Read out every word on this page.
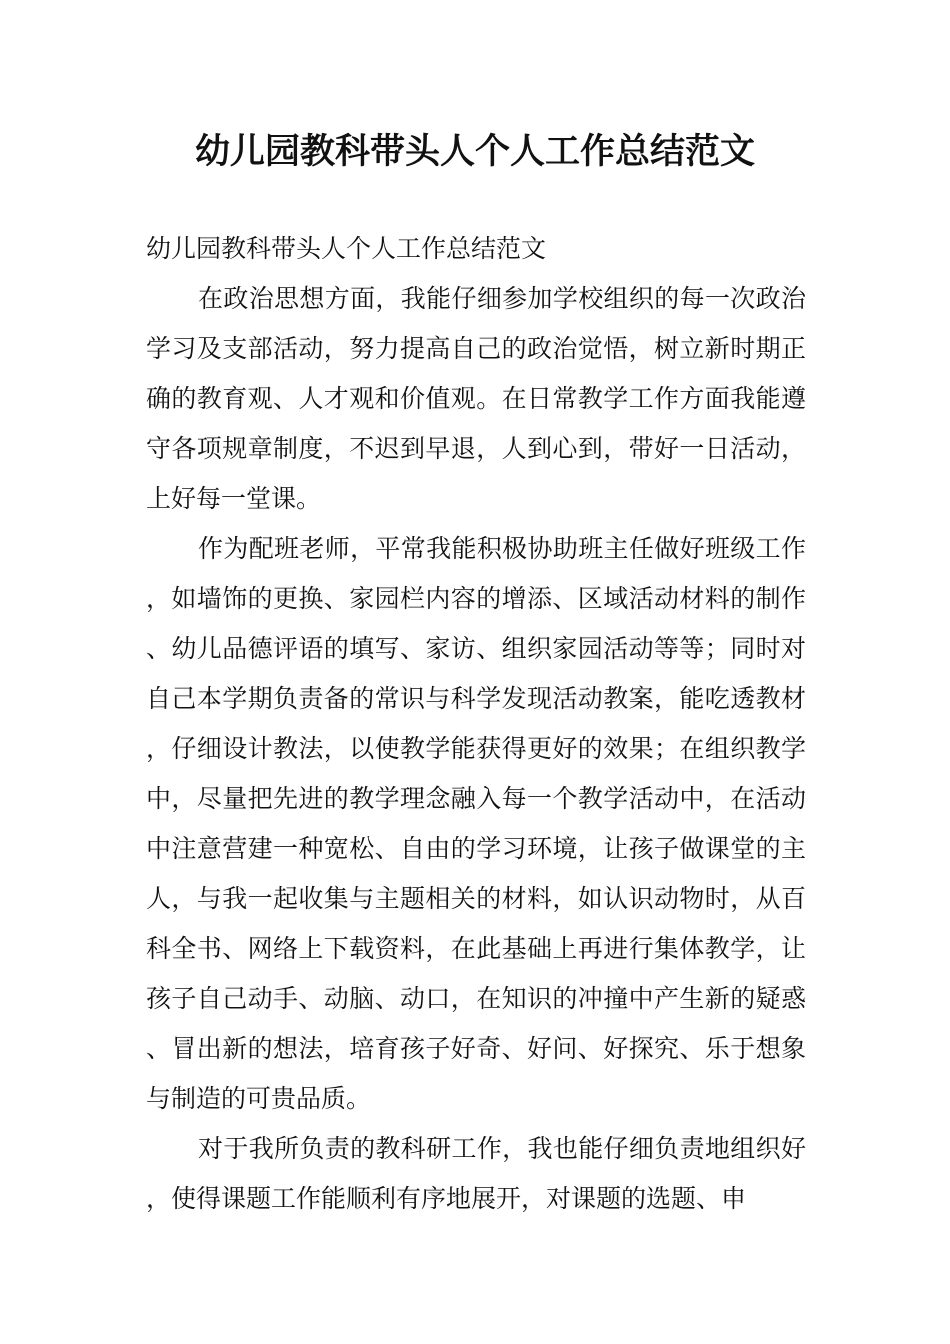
幼儿园教科带头人个人工作总结范文

幼儿园教科带头人个人工作总结范文

在政治思想方面，我能仔细参加学校组织的每一次政治学习及支部活动，努力提高自己的政治觉悟，树立新时期正确的教育观、人才观和价值观。在日常教学工作方面我能遵守各项规章制度，不迟到早退，人到心到，带好一日活动，上好每一堂课。

作为配班老师，平常我能积极协助班主任做好班级工作，如墙饰的更换、家园栏内容的增添、区域活动材料的制作、幼儿品德评语的填写、家访、组织家园活动等等；同时对自己本学期负责备的常识与科学发现活动教案，能吃透教材，仔细设计教法，以使教学能获得更好的效果；在组织教学中，尽量把先进的教学理念融入每一个教学活动中，在活动中注意营建一种宽松、自由的学习环境，让孩子做课堂的主人，与我一起收集与主题相关的材料，如认识动物时，从百科全书、网络上下载资料，在此基础上再进行集体教学，让孩子自己动手、动脑、动口，在知识的冲撞中产生新的疑惑、冒出新的想法，培育孩子好奇、好问、好探究、乐于想象与制造的可贵品质。

对于我所负责的教科研工作，我也能仔细负责地组织好，使得课题工作能顺利有序地展开，对课题的选题、申
